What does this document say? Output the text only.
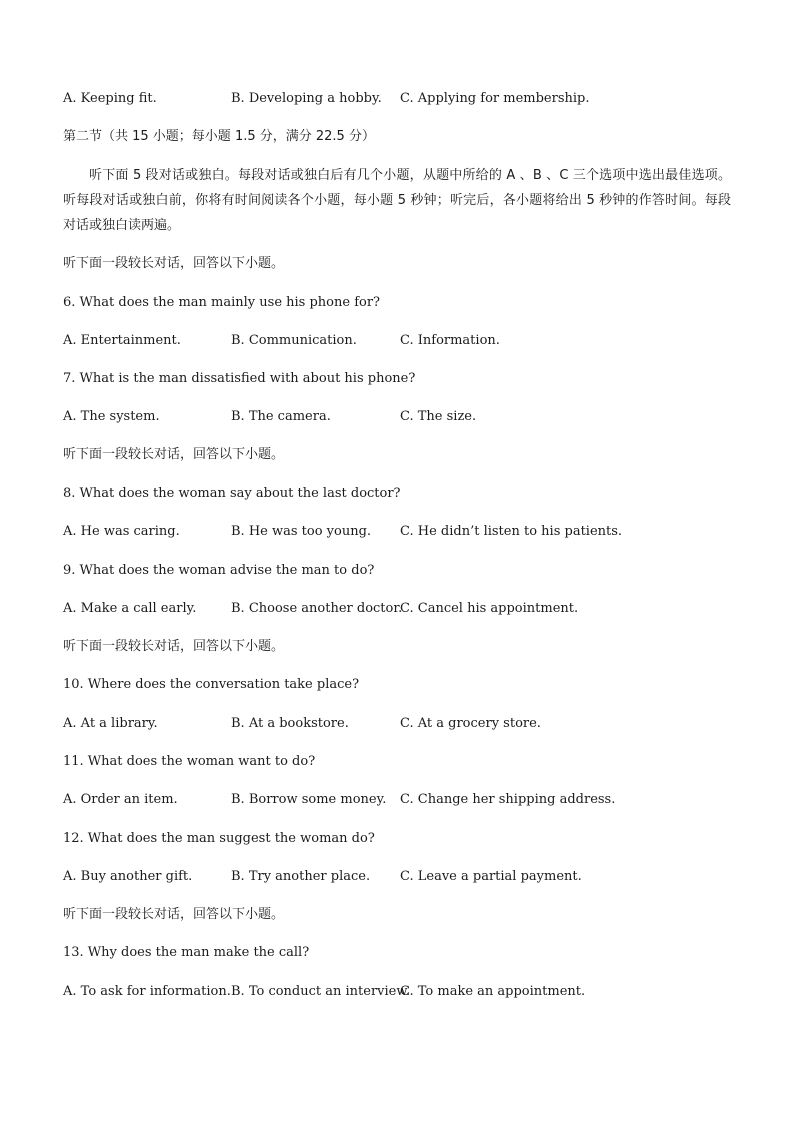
A. Keeping fit.	B. Developing a hobby. C. Applying for membership.
第二节（共 15 小题；每小题 1.5 分，满分 22.5 分）
听下面 5 段对话或独白。每段对话或独白后有几个小题，从题中所给的 A 、B 、C 三个选项中选出最佳选项。听每段对话或独白前，你将有时间阅读各个小题，每小题 5 秒钟；听完后，各小题将给出 5 秒钟的作答时间。每段对话或独白读两遍。
听下面一段较长对话，回答以下小题。
6. What does the man mainly use his phone for?
A. Entertainment.	B. Communication.	C. Information.
7. What is the man dissatisfied with about his phone?
A. The system.	B. The camera.	C. The size.
听下面一段较长对话，回答以下小题。
8. What does the woman say about the last doctor?
A. He was caring.	B. He was too young. C. He didn’t listen to his patients.
9. What does the woman advise the man to do?
A. Make a call early.	B. Choose another doctor.
C. Cancel his appointment.
听下面一段较长对话，回答以下小题。
10. Where does the conversation take place?
A. At a library.	B. At a bookstore.	C. At a grocery store.
11. What does the woman want to do?
A. Order an item.	B. Borrow some money. C. Change her shipping address.
12. What does the man suggest the woman do?
A. Buy another gift.	B. Try another place. C. Leave a partial payment.
听下面一段较长对话，回答以下小题。
13. Why does the man make the call?
A. To ask for information. B. To conduct an interview.
C. To make an appointment.
